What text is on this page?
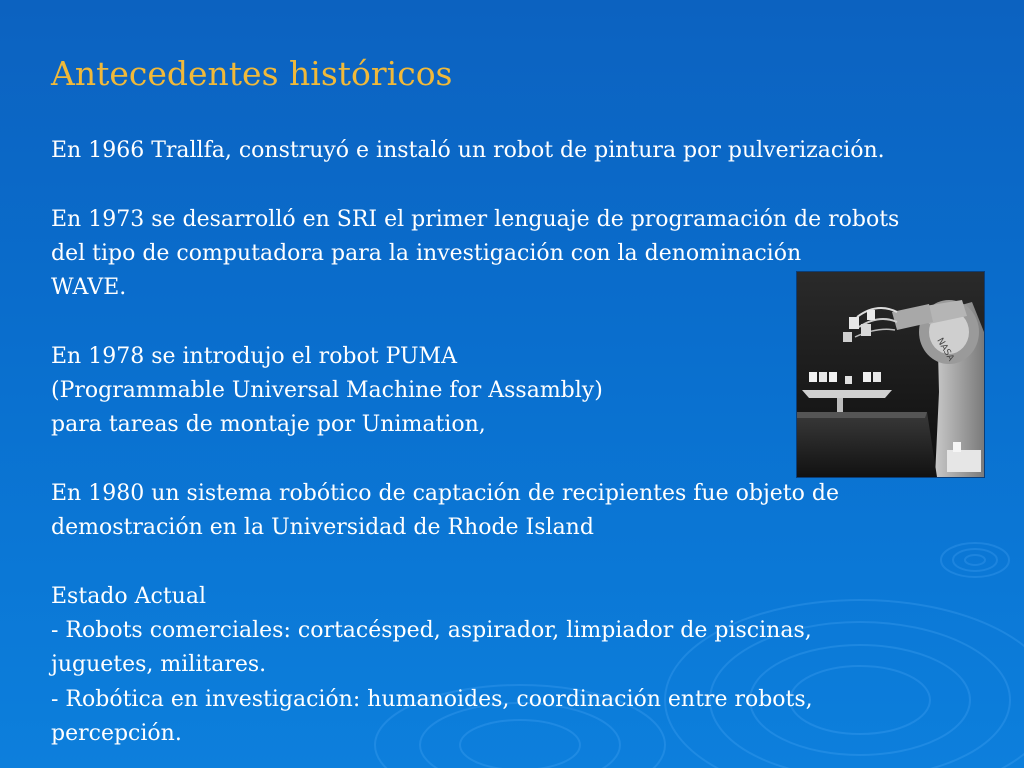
Antecedentes históricos

En 1966 Trallfa, construyó e instaló un robot de pintura por pulverización.

En 1973 se desarrolló en SRI el primer lenguaje de programación de robots
del tipo de computadora para la investigación con la denominación
WAVE.

En 1978 se introdujo el robot PUMA
(Programmable Universal Machine for Assambly)
para tareas de montaje por Unimation,

En 1980 un sistema robótico de captación de recipientes fue objeto de
demostración en la Universidad de Rhode Island

Estado Actual
- Robots comerciales: cortacésped, aspirador, limpiador de piscinas,
juguetes, militares.
- Robótica en investigación: humanoides, coordinación entre robots,
percepción.

NASA
